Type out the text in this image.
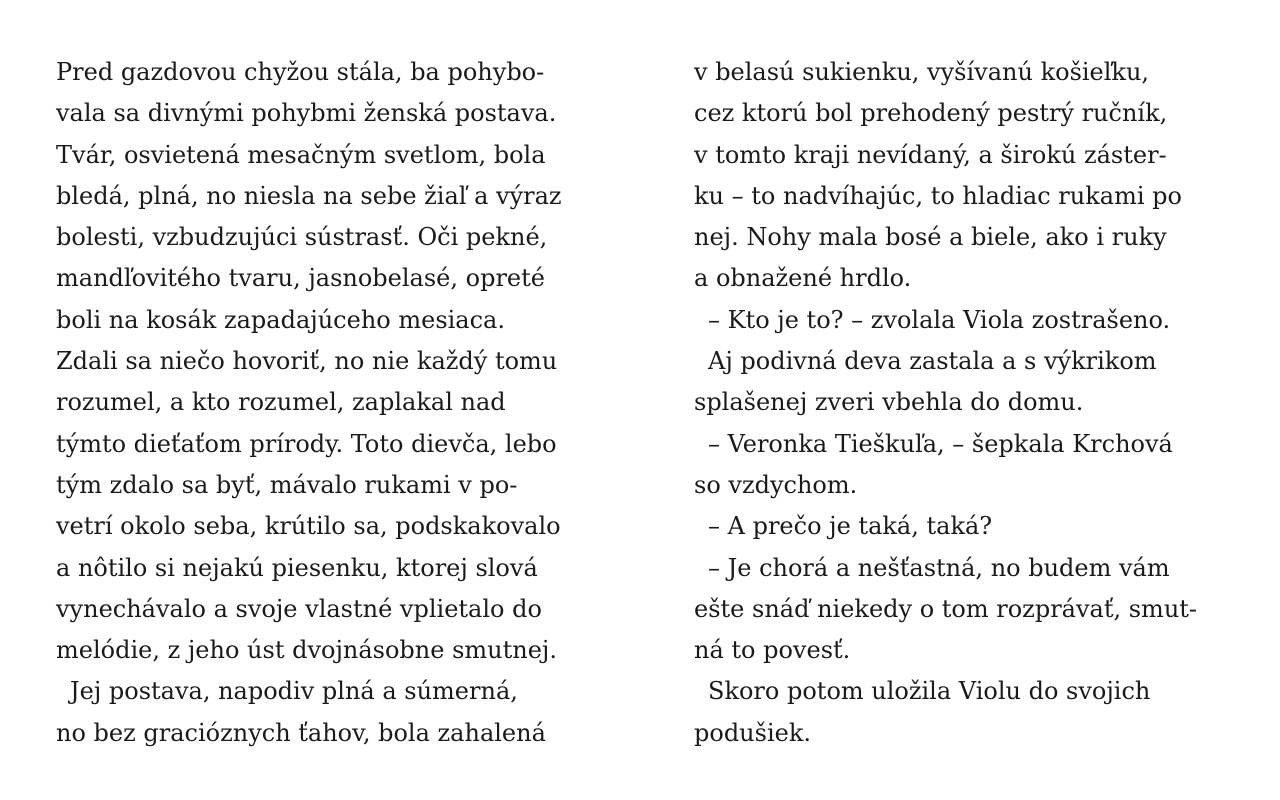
Pred gazdovou chyžou stála, ba pohybo-
vala sa divnými pohybmi ženská postava.
Tvár, osvietená mesačným svetlom, bola
bledá, plná, no niesla na sebe žiaľ a výraz
bolesti, vzbudzujúci sústrasť. Oči pekné,
mandľovitého tvaru, jasnobelasé, opreté
boli na kosák zapadajúceho mesiaca.
Zdali sa niečo hovoriť, no nie každý tomu
rozumel, a kto rozumel, zaplakal nad
týmto dieťaťom prírody. Toto dievča, lebo
tým zdalo sa byť, mávalo rukami v po-
vetrí okolo seba, krútilo sa, podskakovalo
a nôtilo si nejakú piesenku, ktorej slová
vynechávalo a svoje vlastné vplietalo do
melódie, z jeho úst dvojnásobne smutnej.
Jej postava, napodiv plná a súmerná,
no bez gracióznych ťahov, bola zahalená
v belasú sukienku, vyšívanú košieľku,
cez ktorú bol prehodený pestrý ručník,
v tomto kraji nevídaný, a širokú záster-
ku – to nadvíhajúc, to hladiac rukami po
nej. Nohy mala bosé a biele, ako i ruky
a obnažené hrdlo.
– Kto je to? – zvolala Viola zostrašeno.
Aj podivná deva zastala a s výkrikom
splašenej zveri vbehla do domu.
– Veronka Tieškuľa, – šepkala Krchová
so vzdychom.
– A prečo je taká, taká?
– Je chorá a nešťastná, no budem vám
ešte snáď niekedy o tom rozprávať, smut-
ná to povesť.
Skoro potom uložila Violu do svojich
podušiek.
